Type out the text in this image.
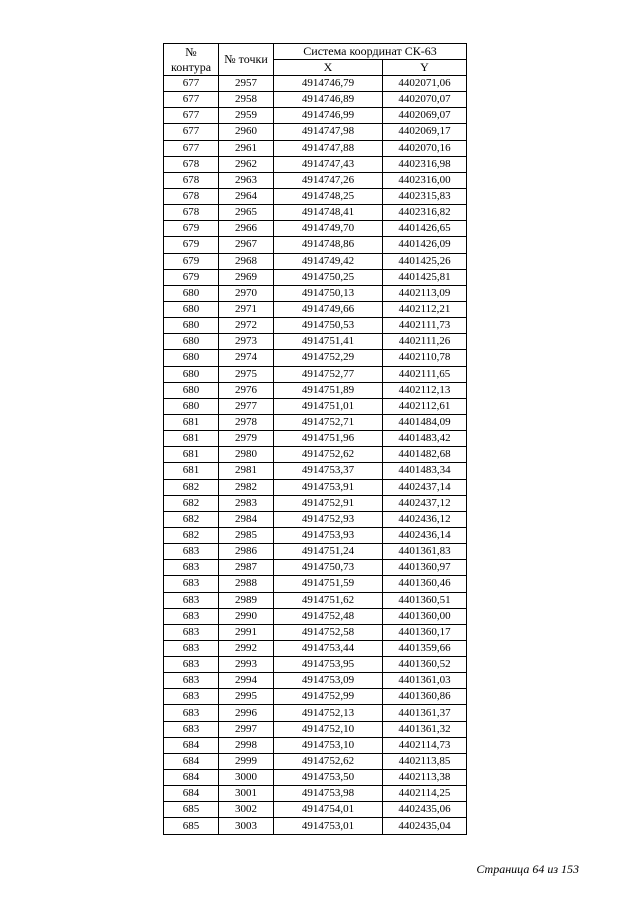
№ контура	№ точки	Система координат СК-63	
		X	Y
677	2957	4914746,79	4402071,06
677	2958	4914746,89	4402070,07
677	2959	4914746,99	4402069,07
677	2960	4914747,98	4402069,17
677	2961	4914747,88	4402070,16
678	2962	4914747,43	4402316,98
678	2963	4914747,26	4402316,00
678	2964	4914748,25	4402315,83
678	2965	4914748,41	4402316,82
679	2966	4914749,70	4401426,65
679	2967	4914748,86	4401426,09
679	2968	4914749,42	4401425,26
679	2969	4914750,25	4401425,81
680	2970	4914750,13	4402113,09
680	2971	4914749,66	4402112,21
680	2972	4914750,53	4402111,73
680	2973	4914751,41	4402111,26
680	2974	4914752,29	4402110,78
680	2975	4914752,77	4402111,65
680	2976	4914751,89	4402112,13
680	2977	4914751,01	4402112,61
681	2978	4914752,71	4401484,09
681	2979	4914751,96	4401483,42
681	2980	4914752,62	4401482,68
681	2981	4914753,37	4401483,34
682	2982	4914753,91	4402437,14
682	2983	4914752,91	4402437,12
682	2984	4914752,93	4402436,12
682	2985	4914753,93	4402436,14
683	2986	4914751,24	4401361,83
683	2987	4914750,73	4401360,97
683	2988	4914751,59	4401360,46
683	2989	4914751,62	4401360,51
683	2990	4914752,48	4401360,00
683	2991	4914752,58	4401360,17
683	2992	4914753,44	4401359,66
683	2993	4914753,95	4401360,52
683	2994	4914753,09	4401361,03
683	2995	4914752,99	4401360,86
683	2996	4914752,13	4401361,37
683	2997	4914752,10	4401361,32
684	2998	4914753,10	4402114,73
684	2999	4914752,62	4402113,85
684	3000	4914753,50	4402113,38
684	3001	4914753,98	4402114,25
685	3002	4914754,01	4402435,06
685	3003	4914753,01	4402435,04
Страница 64 из 153
